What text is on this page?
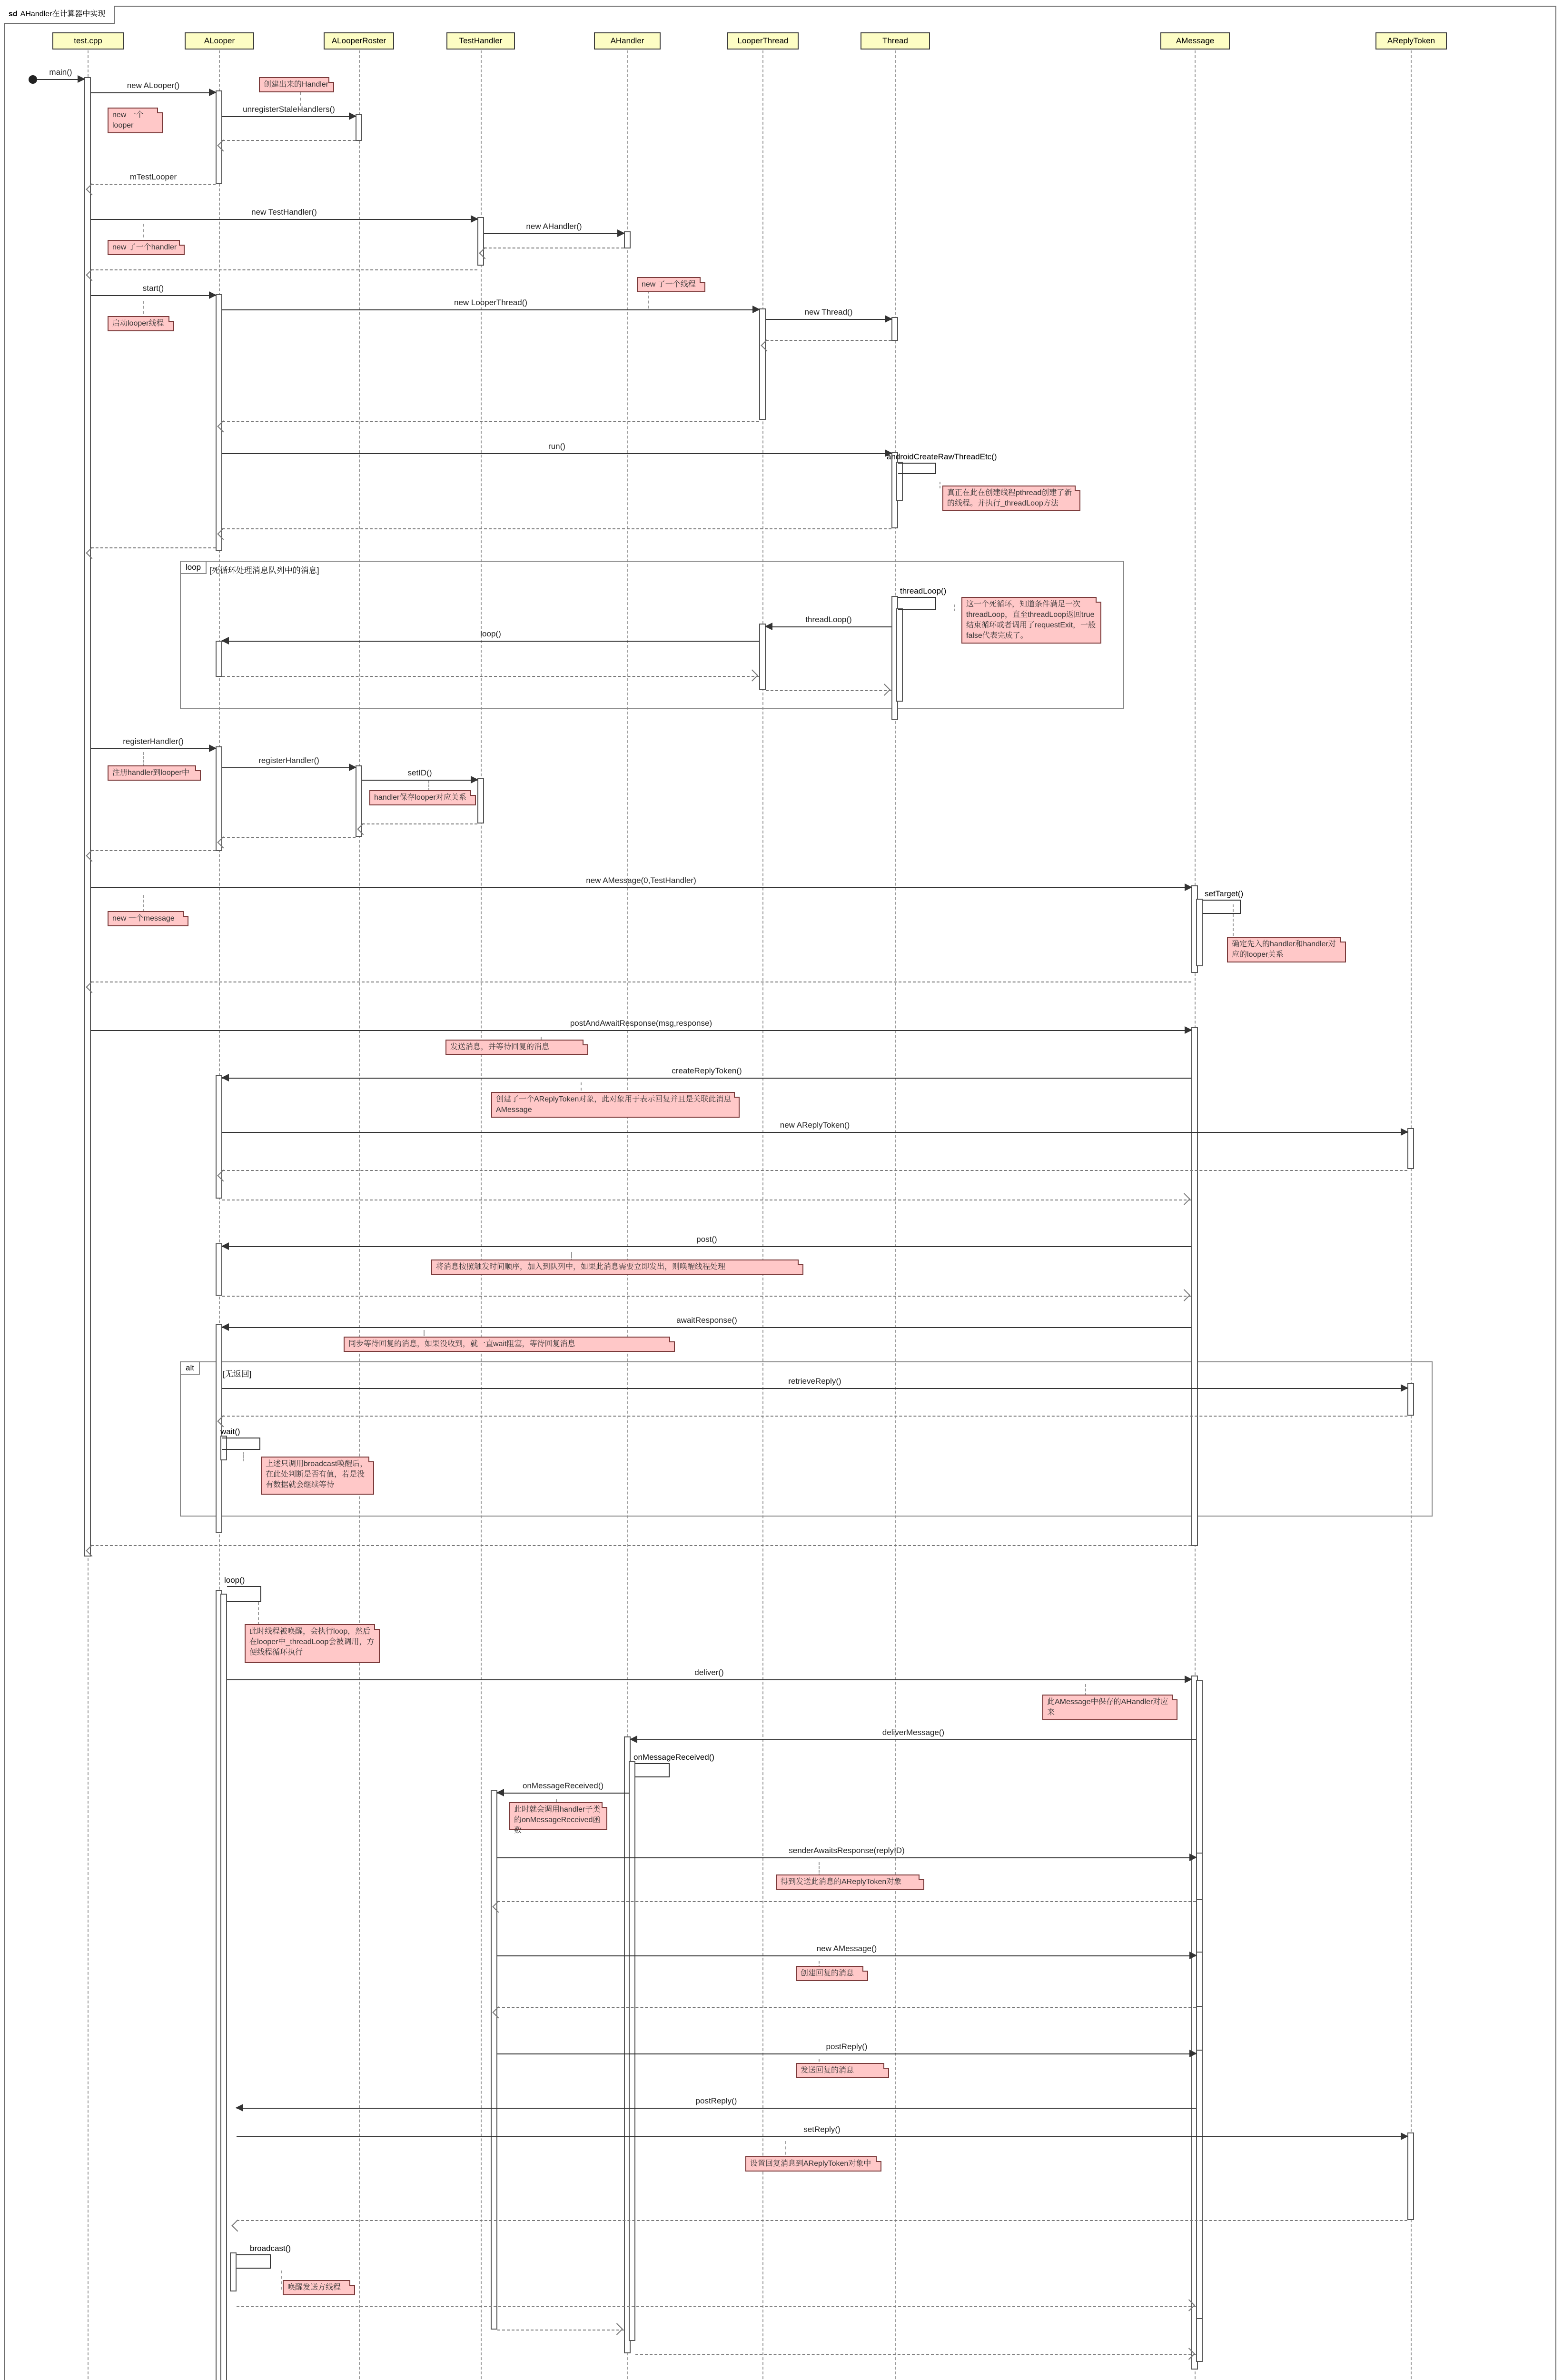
sd AHandler在计算器中实现
test.cpp	ALooper	ALooperRoster	TestHandler	AHandler	LooperThread	Thread	AMessage	AReplyToken
loop	[死循环处理消息队列中的消息]
alt
[无返回]
main()
new ALooper()
unregisterStaleHandlers()
mTestLooper
new TestHandler()
new AHandler()
start()
new LooperThread()
new Thread()
run()
androidCreateRawThreadEtc()
threadLoop()
threadLoop()
loop()
registerHandler()
registerHandler()
setID()
new AMessage(0,TestHandler)
setTarget()
postAndAwaitResponse(msg,response)
createReplyToken()
new AReplyToken()
post()
awaitResponse()
retrieveReply()
wait()
loop()
deliver()
deliverMessage()
onMessageReceived()
onMessageReceived()
senderAwaitsResponse(replyID)
new AMessage()
postReply()
postReply()
setReply()
broadcast()
创建出来的Handler
new 一个looper
new 了一个handler
new 了一个线程
启动looper线程
真正在此在创建线程pthread创建了新的线程。并执行_threadLoop方法
这一个死循环，知道条件满足一次threadLoop，直至threadLoop返回true结束循环或者调用了requestExit，一般false代表完成了。
注册handler到looper中
handler保存looper对应关系
new 一个message
确定先入的handler和handler对应的looper关系
发送消息，并等待回复的消息
创建了一个AReplyToken对象，此对象用于表示回复并且是关联此消息AMessage
将消息按照触发时间顺序，加入到队列中，如果此消息需要立即发出，则唤醒线程处理
同步等待回复的消息，如果没收到，就一直wait阻塞，等待回复消息
上述只调用broadcast唤醒后，在此处判断是否有值，若是没有数据就会继续等待
此时线程被唤醒，会执行loop，然后在looper中_threadLoop会被调用，方便线程循环执行
此AMessage中保存的AHandler对应来
此时就会调用handler子类的onMessageReceived函数
得到发送此消息的AReplyToken对象
创建回复的消息
发送回复的消息
设置回复消息到AReplyToken对象中
唤醒发送方线程
